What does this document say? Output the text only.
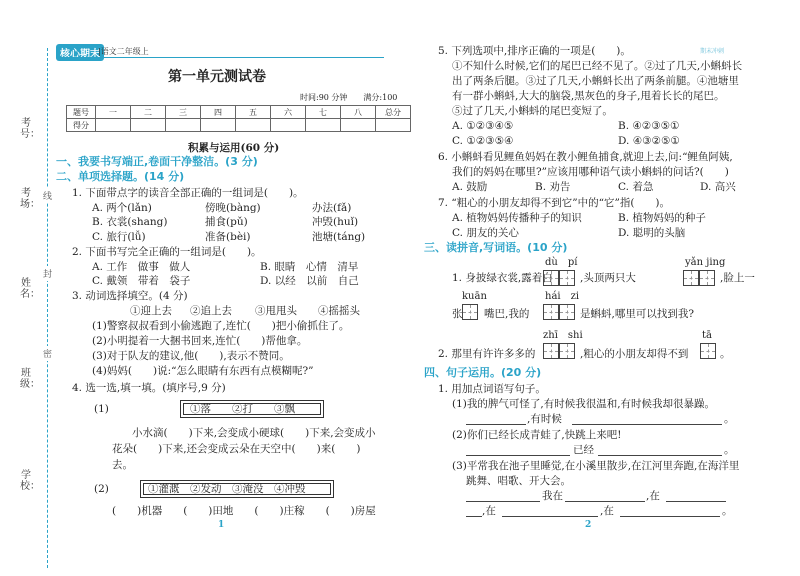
核心期末
|语文二年级上	期末冲刺
考号：
考场：
姓名：
班级：
学校：
线
封
密
第一单元测试卷
时间:90 分钟　　满分:100
题号	一	二	三	四	五	六	七	八	总分
得分									
积累与运用(60 分)
一、我要书写端正,卷面干净整洁。(3 分)
二、单项选择题。(14 分)
1. 下面带点字的读音全部正确的一组词是(　　)。
A. 两个(lǎn)	傍晚(bàng)	办法(fǎ)
B. 衣裳(shang)	捕食(pǔ)	冲毁(huǐ)
C. 旅行(lǚ)	准备(bèi)	池塘(táng)
2. 下面书写完全正确的一组词是(　　)。
A. 工作　做事　做人	B. 眼睛　心情　清早
C. 戴领　带着　袋子	D. 以经　以前　自己
3. 动词选择填空。(4 分)
①迎上去 ②追上去 ③甩甩头 ④摇摇头
(1)警察叔叔看到小偷逃跑了,连忙(　　)把小偷抓住了。
(2)小明提着一大捆书回来,连忙(　　)帮他拿。
(3)对于队友的建议,他(　　),表示不赞同。
(4)妈妈(　　)说:“怎么眼睛有东西有点模糊呢?”
4. 选一选,填一填。(填序号,9 分)
(1)	①落　　②打　　③飘
小水滴(　　)下来,会变成小硬球(　　)下来,会变成小
花朵(　　)下来,还会变成云朵在天空中(　　)来(　　)
去。
(2)	①灌溉　②发动　③淹没　④冲毁
(　　)机器　　(　　)田地　　(　　)庄稼　　(　　)房屋
1
5. 下列选项中,排序正确的一项是(　　)。
①不知什么时候,它们的尾巴已经不见了。②过了几天,小蝌蚪长
出了两条后腿。③过了几天,小蝌蚪长出了两条前腿。④池塘里
有一群小蝌蚪,大大的脑袋,黑灰色的身子,甩着长长的尾巴。
⑤过了几天,小蝌蚪的尾巴变短了。
A. ①②③④⑤	B. ④②③⑤①
C. ①②③⑤④	D. ④③②⑤①
6. 小蝌蚪看见鲤鱼妈妈在教小鲤鱼捕食,就迎上去,问:“鲤鱼阿姨,
我们的妈妈在哪里?”应该用哪种语气读小蝌蚪的问话?(　　)
A. 鼓励	B. 劝告	C. 着急	D. 高兴
7. “粗心的小朋友却得不到它”中的“它”指(　　)。
A. 植物妈妈传播种子的知识	B. 植物妈妈的种子
C. 朋友的关心	D. 聪明的头脑
三、读拼音,写词语。(10 分)
dù　pí	yǎn jing
1. 身披绿衣裳,露着白	,头顶两只大	,脸上一
kuān	hái　zi
张 嘴巴,我的	是蝌蚪,哪里可以找到我?
zhī　shi	tā
2. 那里有许许多多的	,粗心的小朋友却得不到	。
四、句子运用。(20 分)
1. 用加点词语写句子。
(1)我的脾气可怪了,有时候我很温和,有时候我却很暴躁。
,有时候	。
(2)你们已经长成青蛙了,快跳上来吧!
已经	。
(3)平常我在池子里睡觉,在小溪里散步,在江河里奔跑,在海洋里
跳舞、唱歌、开大会。
我在	,在
,在	,在	。
2
